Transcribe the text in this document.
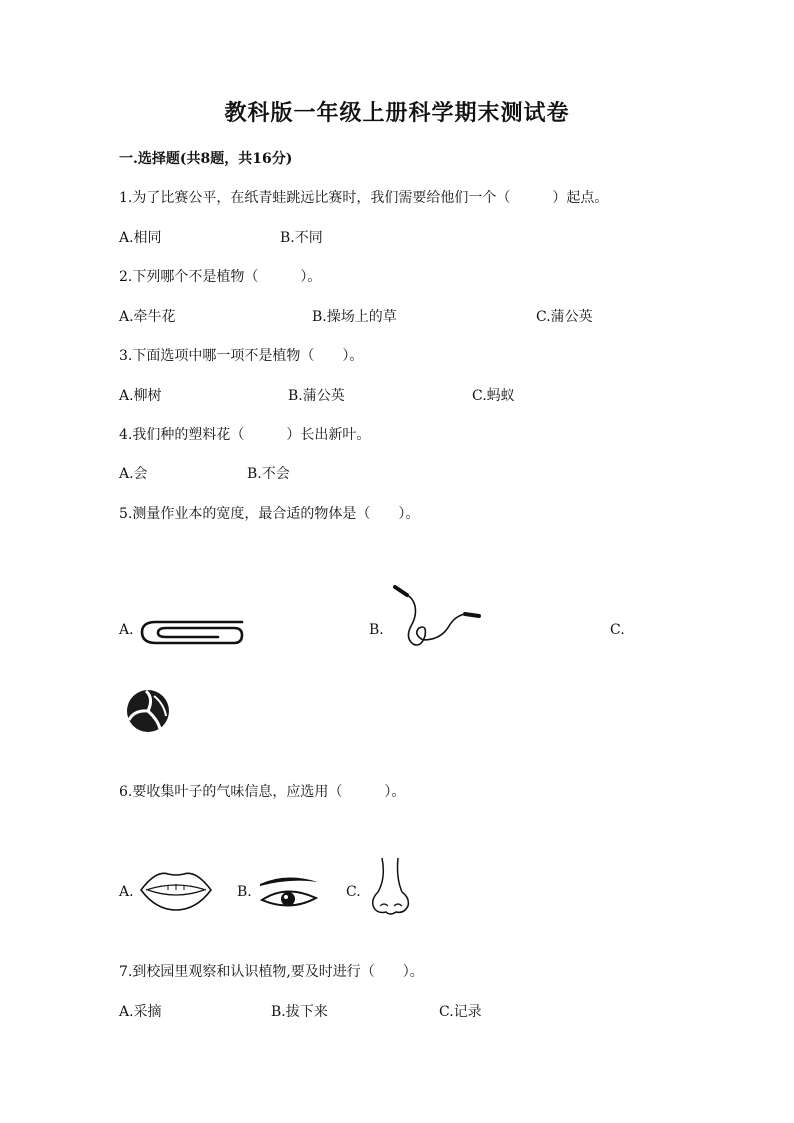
教科版一年级上册科学期末测试卷
一.选择题(共8题，共16分)
1.为了比赛公平，在纸青蛙跳远比赛时，我们需要给他们一个（　　　）起点。
A.相同	B.不同
2.下列哪个不是植物（　　　）。
A.牵牛花	B.操场上的草	C.蒲公英
3.下面选项中哪一项不是植物（　　）。
A.柳树	B.蒲公英	C.蚂蚁
4.我们种的塑料花（　　　）长出新叶。
A.会	B.不会
5.测量作业本的宽度，最合适的物体是（　　）。
A.	B.	C.
6.要收集叶子的气味信息，应选用（　　　）。
A.	B.	C.
7.到校园里观察和认识植物,要及时进行（　　）。
A.采摘	B.拔下来	C.记录
